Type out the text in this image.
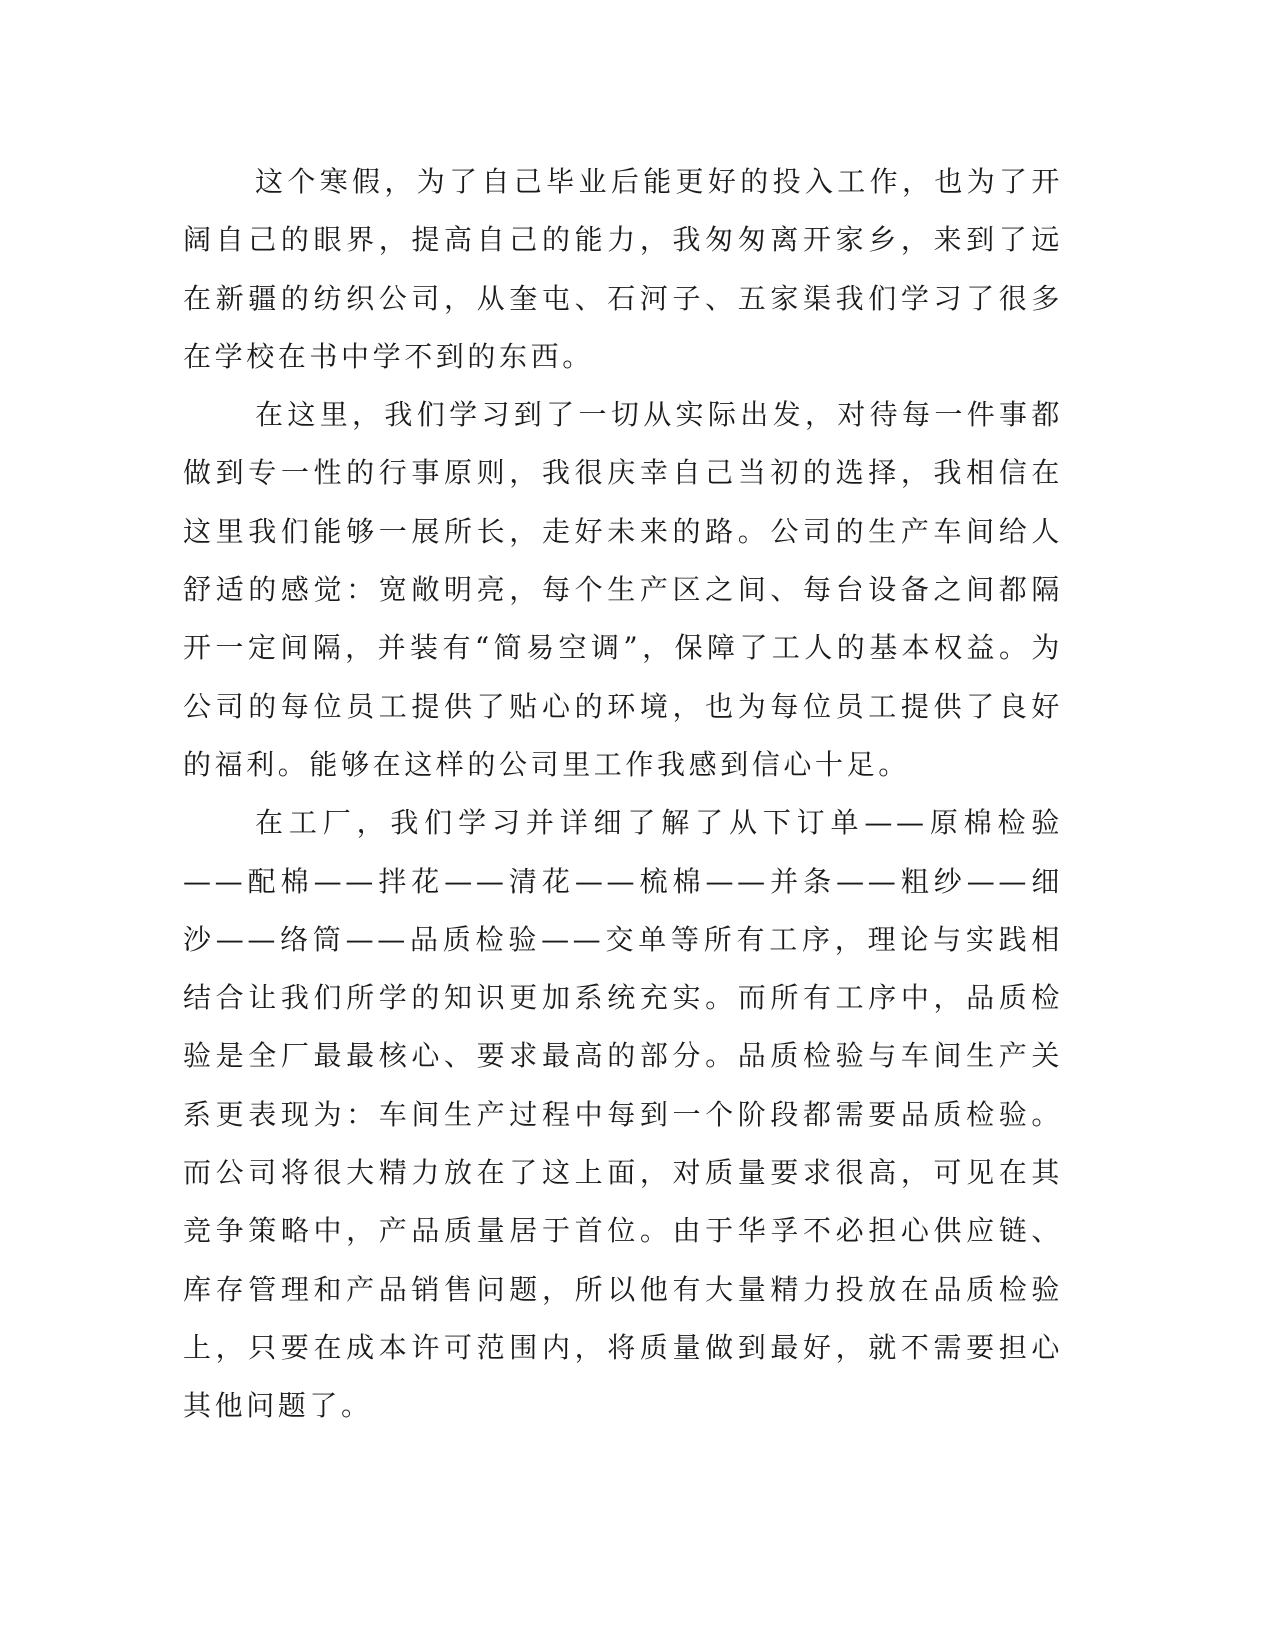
这个寒假，为了自己毕业后能更好的投入工作，也为了开阔自己的眼界，提高自己的能力，我匆匆离开家乡，来到了远在新疆的纺织公司，从奎屯、石河子、五家渠我们学习了很多在学校在书中学不到的东西。

在这里，我们学习到了一切从实际出发，对待每一件事都做到专一性的行事原则，我很庆幸自己当初的选择，我相信在这里我们能够一展所长，走好未来的路。公司的生产车间给人舒适的感觉：宽敞明亮，每个生产区之间、每台设备之间都隔开一定间隔，并装有“简易空调”，保障了工人的基本权益。为公司的每位员工提供了贴心的环境，也为每位员工提供了良好的福利。能够在这样的公司里工作我感到信心十足。

在工厂，我们学习并详细了解了从下订单——原棉检验——配棉——拌花——清花——梳棉——并条——粗纱——细沙——络筒——品质检验——交单等所有工序，理论与实践相结合让我们所学的知识更加系统充实。而所有工序中，品质检验是全厂最最核心、要求最高的部分。品质检验与车间生产关系更表现为：车间生产过程中每到一个阶段都需要品质检验。而公司将很大精力放在了这上面，对质量要求很高，可见在其竞争策略中，产品质量居于首位。由于华孚不必担心供应链、库存管理和产品销售问题，所以他有大量精力投放在品质检验上，只要在成本许可范围内，将质量做到最好，就不需要担心其他问题了。
